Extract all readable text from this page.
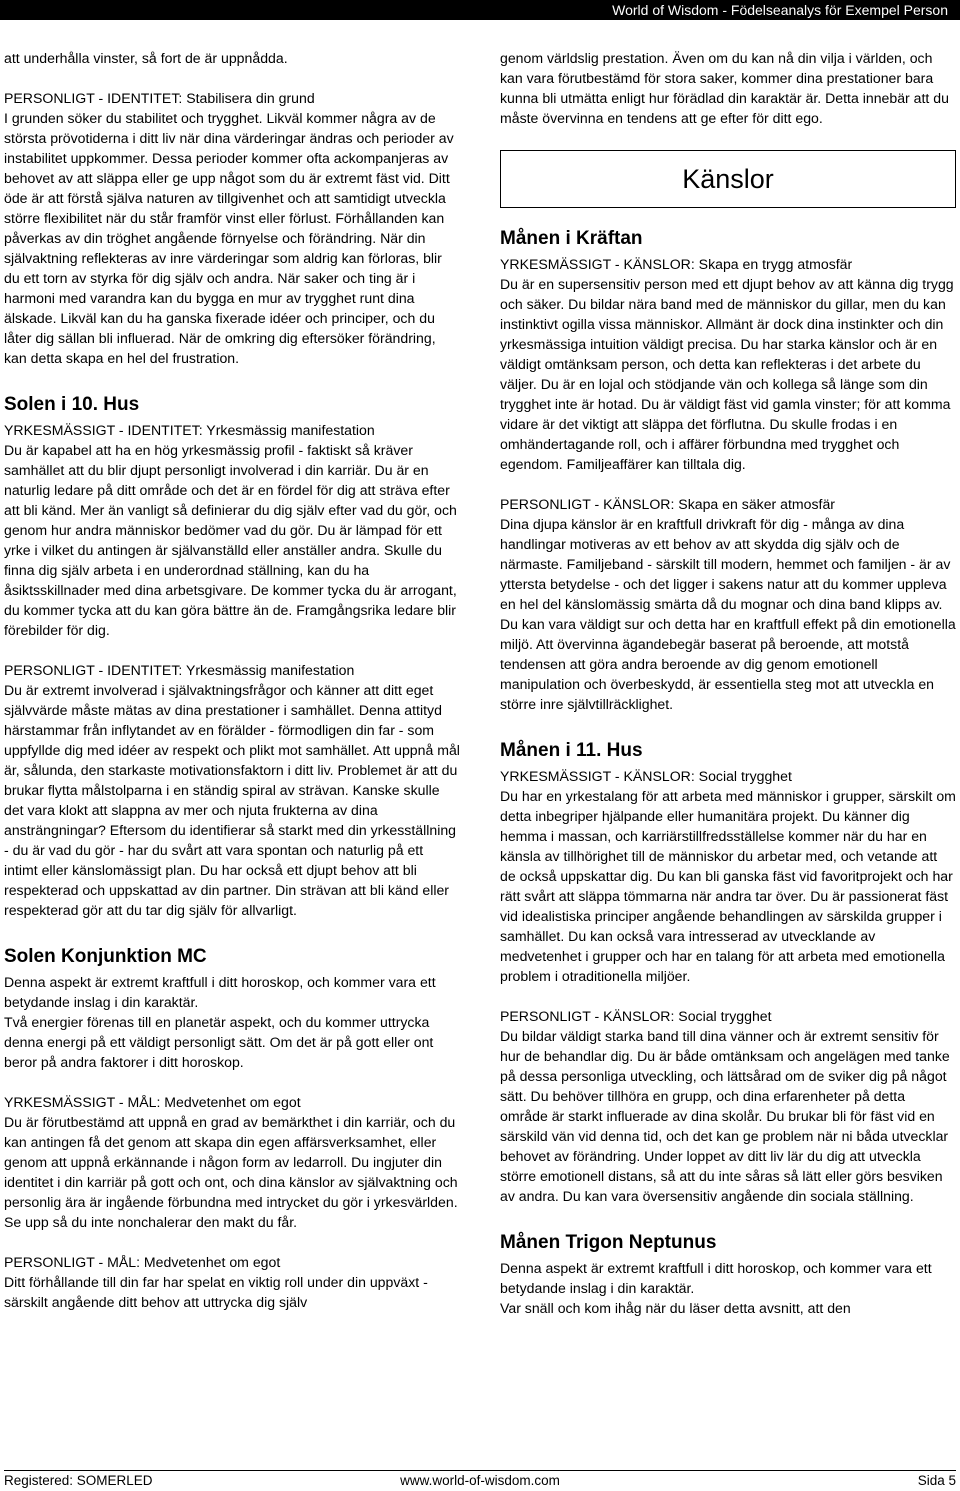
World of Wisdom - Födelseanalys för Exempel Person

att underhålla vinster, så fort de är uppnådda.

PERSONLIGT - IDENTITET: Stabilisera din grund

I grunden söker du stabilitet och trygghet. Likväl kommer några av de största prövotiderna i ditt liv när dina värderingar ändras och perioder av instabilitet uppkommer. Dessa perioder kommer ofta ackompanjeras av behovet av att släppa eller ge upp något som du är extremt fäst vid. Ditt öde är att förstå själva naturen av tillgivenhet och att samtidigt utveckla större flexibilitet när du står framför vinst eller förlust. Förhållanden kan påverkas av din tröghet angående förnyelse och förändring. När din självaktning reflekteras av inre värderingar som aldrig kan förloras, blir du ett torn av styrka för dig själv och andra. När saker och ting är i harmoni med varandra kan du bygga en mur av trygghet runt dina älskade. Likväl kan du ha ganska fixerade idéer och principer, och du låter dig sällan bli influerad. När de omkring dig eftersöker förändring, kan detta skapa en hel del frustration.

Solen i 10. Hus

YRKESMÄSSIGT - IDENTITET: Yrkesmässig manifestation

Du är kapabel att ha en hög yrkesmässig profil - faktiskt så kräver samhället att du blir djupt personligt involverad i din karriär. Du är en naturlig ledare på ditt område och det är en fördel för dig att sträva efter att bli känd. Mer än vanligt så definierar du dig själv efter vad du gör, och genom hur andra människor bedömer vad du gör. Du är lämpad för ett yrke i vilket du antingen är självanställd eller anställer andra. Skulle du finna dig själv arbeta i en underordnad ställning, kan du ha åsiktsskillnader med dina arbetsgivare. De kommer tycka du är arrogant, du kommer tycka att du kan göra bättre än de. Framgångsrika ledare blir förebilder för dig.

PERSONLIGT - IDENTITET: Yrkesmässig manifestation

Du är extremt involverad i självaktningsfrågor och känner att ditt eget självvärde måste mätas av dina prestationer i samhället. Denna attityd härstammar från inflytandet av en förälder - förmodligen din far - som uppfyllde dig med idéer av respekt och plikt mot samhället. Att uppnå mål är, sålunda, den starkaste motivationsfaktorn i ditt liv. Problemet är att du brukar flytta målstolparna i en ständig spiral av strävan. Kanske skulle det vara klokt att slappna av mer och njuta frukterna av dina ansträngningar? Eftersom du identifierar så starkt med din yrkesställning - du är vad du gör - har du svårt att vara spontan och naturlig på ett intimt eller känslomässigt plan. Du har också ett djupt behov att bli respekterad och uppskattad av din partner. Din strävan att bli känd eller respekterad gör att du tar dig själv för allvarligt.

Solen Konjunktion MC

Denna aspekt är extremt kraftfull i ditt horoskop, och kommer vara ett betydande inslag i din karaktär.

Två energier förenas till en planetär aspekt, och du kommer uttrycka denna energi på ett väldigt personligt sätt. Om det är på gott eller ont beror på andra faktorer i ditt horoskop.

YRKESMÄSSIGT - MÅL: Medvetenhet om egot

Du är förutbestämd att uppnå en grad av bemärkthet i din karriär, och du kan antingen få det genom att skapa din egen affärsverksamhet, eller genom att uppnå erkännande i någon form av ledarroll. Du ingjuter din identitet i din karriär på gott och ont, och dina känslor av självaktning och personlig ära är ingående förbundna med intrycket du gör i yrkesvärlden. Se upp så du inte nonchalerar den makt du får.

PERSONLIGT - MÅL: Medvetenhet om egot

Ditt förhållande till din far har spelat en viktig roll under din uppväxt - särskilt angående ditt behov att uttrycka dig själv

genom världslig prestation. Även om du kan nå din vilja i världen, och kan vara förutbestämd för stora saker, kommer dina prestationer bara kunna bli utmätta enligt hur förädlad din karaktär är. Detta innebär att du måste övervinna en tendens att ge efter för ditt ego.

Känslor
Månen i Kräftan

YRKESMÄSSIGT - KÄNSLOR: Skapa en trygg atmosfär

Du är en supersensitiv person med ett djupt behov av att känna dig trygg och säker. Du bildar nära band med de människor du gillar, men du kan instinktivt ogilla vissa människor. Allmänt är dock dina instinkter och din yrkesmässiga intuition väldigt precisa. Du har starka känslor och är en väldigt omtänksam person, och detta kan reflekteras i det arbete du väljer. Du är en lojal och stödjande vän och kollega så länge som din trygghet inte är hotad. Du är väldigt fäst vid gamla vinster; för att komma vidare är det viktigt att släppa det förflutna. Du skulle frodas i en omhändertagande roll, och i affärer förbundna med trygghet och egendom. Familjeaffärer kan tilltala dig.

PERSONLIGT - KÄNSLOR: Skapa en säker atmosfär

Dina djupa känslor är en kraftfull drivkraft för dig - många av dina handlingar motiveras av ett behov av att skydda dig själv och de närmaste. Familjeband - särskilt till modern, hemmet och familjen - är av yttersta betydelse - och det ligger i sakens natur att du kommer uppleva en hel del känslomässig smärta då du mognar och dina band klipps av. Du kan vara väldigt sur och detta har en kraftfull effekt på din emotionella miljö. Att övervinna ägandebegär baserat på beroende, att motstå tendensen att göra andra beroende av dig genom emotionell manipulation och överbeskydd, är essentiella steg mot att utveckla en större inre självtillräcklighet.

Månen i 11. Hus

YRKESMÄSSIGT - KÄNSLOR: Social trygghet

Du har en yrkestalang för att arbeta med människor i grupper, särskilt om detta inbegriper hjälpande eller humanitära projekt. Du känner dig hemma i massan, och karriärstillfredsställelse kommer när du har en känsla av tillhörighet till de människor du arbetar med, och vetande att de också uppskattar dig. Du kan bli ganska fäst vid favoritprojekt och har rätt svårt att släppa tömmarna när andra tar över. Du är passionerat fäst vid idealistiska principer angående behandlingen av särskilda grupper i samhället. Du kan också vara intresserad av utvecklande av medvetenhet i grupper och har en talang för att arbeta med emotionella problem i otraditionella miljöer.

PERSONLIGT - KÄNSLOR: Social trygghet

Du bildar väldigt starka band till dina vänner och är extremt sensitiv för hur de behandlar dig. Du är både omtänksam och angelägen med tanke på dessa personliga utveckling, och lättsårad om de sviker dig på något sätt. Du behöver tillhöra en grupp, och dina erfarenheter på detta område är starkt influerade av dina skolår. Du brukar bli för fäst vid en särskild vän vid denna tid, och det kan ge problem när ni båda utvecklar behovet av förändring. Under loppet av ditt liv lär du dig att utveckla större emotionell distans, så att du inte såras så lätt eller görs besviken av andra. Du kan vara översensitiv angående din sociala ställning.

Månen Trigon Neptunus

Denna aspekt är extremt kraftfull i ditt horoskop, och kommer vara ett betydande inslag i din karaktär.

Var snäll och kom ihåg när du läser detta avsnitt, att den

Registered: SOMERLED	www.world-of-wisdom.com	Sida 5
